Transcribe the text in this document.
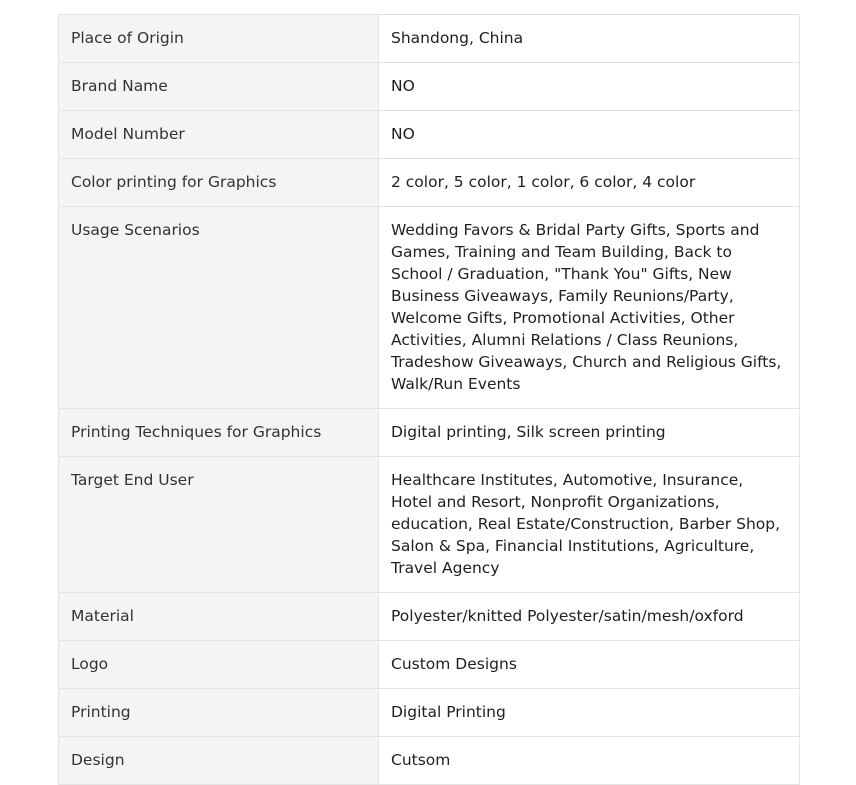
Place of Origin	Shandong, China
Brand Name	NO
Model Number	NO
Color printing for Graphics	2 color, 5 color, 1 color, 6 color, 4 color
Usage Scenarios	Wedding Favors & Bridal Party Gifts, Sports and Games, Training and Team Building, Back to School / Graduation, "Thank You" Gifts, New Business Giveaways, Family Reunions/Party, Welcome Gifts, Promotional Activities, Other Activities, Alumni Relations / Class Reunions, Tradeshow Giveaways, Church and Religious Gifts, Walk/Run Events
Printing Techniques for Graphics	Digital printing, Silk screen printing
Target End User	Healthcare Institutes, Automotive, Insurance, Hotel and Resort, Nonprofit Organizations, education, Real Estate/Construction, Barber Shop, Salon & Spa, Financial Institutions, Agriculture, Travel Agency
Material	Polyester/knitted Polyester/satin/mesh/oxford
Logo	Custom Designs
Printing	Digital Printing
Design	Cutsom
